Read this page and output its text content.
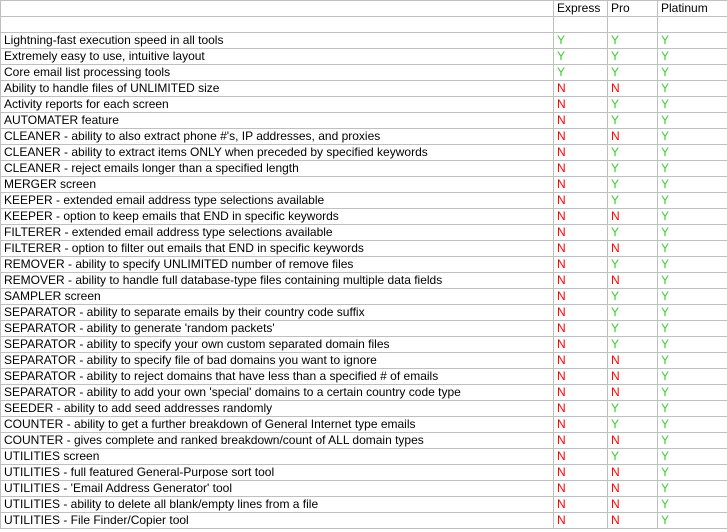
	Express	Pro	Platinum

Lightning-fast execution speed in all tools	Y	Y	Y
Extremely easy to use, intuitive layout	Y	Y	Y
Core email list processing tools	Y	Y	Y
Ability to handle files of UNLIMITED size	N	N	Y
Activity reports for each screen	N	Y	Y
AUTOMATER feature	N	Y	Y
CLEANER - ability to also extract phone #'s, IP addresses, and proxies	N	N	Y
CLEANER - ability to extract items ONLY when preceded by specified keywords	N	Y	Y
CLEANER - reject emails longer than a specified length	N	Y	Y
MERGER screen	N	Y	Y
KEEPER - extended email address type selections available	N	Y	Y
KEEPER - option to keep emails that END in specific keywords	N	N	Y
FILTERER - extended email address type selections available	N	Y	Y
FILTERER - option to filter out emails that END in specific keywords	N	N	Y
REMOVER - ability to specify UNLIMITED number of remove files	N	Y	Y
REMOVER - ability to handle full database-type files containing multiple data fields	N	N	Y
SAMPLER screen	N	Y	Y
SEPARATOR - ability to separate emails by their country code suffix	N	Y	Y
SEPARATOR - ability to generate 'random packets'	N	Y	Y
SEPARATOR - ability to specify your own custom separated domain files	N	Y	Y
SEPARATOR - ability to specify file of bad domains you want to ignore	N	N	Y
SEPARATOR - ability to reject domains that have less than a specified # of emails	N	N	Y
SEPARATOR - ability to add your own 'special' domains to a certain country code type	N	N	Y
SEEDER - ability to add seed addresses randomly	N	Y	Y
COUNTER - ability to get a further breakdown of General Internet type emails	N	Y	Y
COUNTER - gives complete and ranked breakdown/count of ALL domain types	N	N	Y
UTILITIES screen	N	Y	Y
UTILITIES - full featured General-Purpose sort tool	N	N	Y
UTILITIES - 'Email Address Generator' tool	N	N	Y
UTILITIES - ability to delete all blank/empty lines from a file	N	N	Y
UTILITIES - File Finder/Copier tool	N	N	Y
